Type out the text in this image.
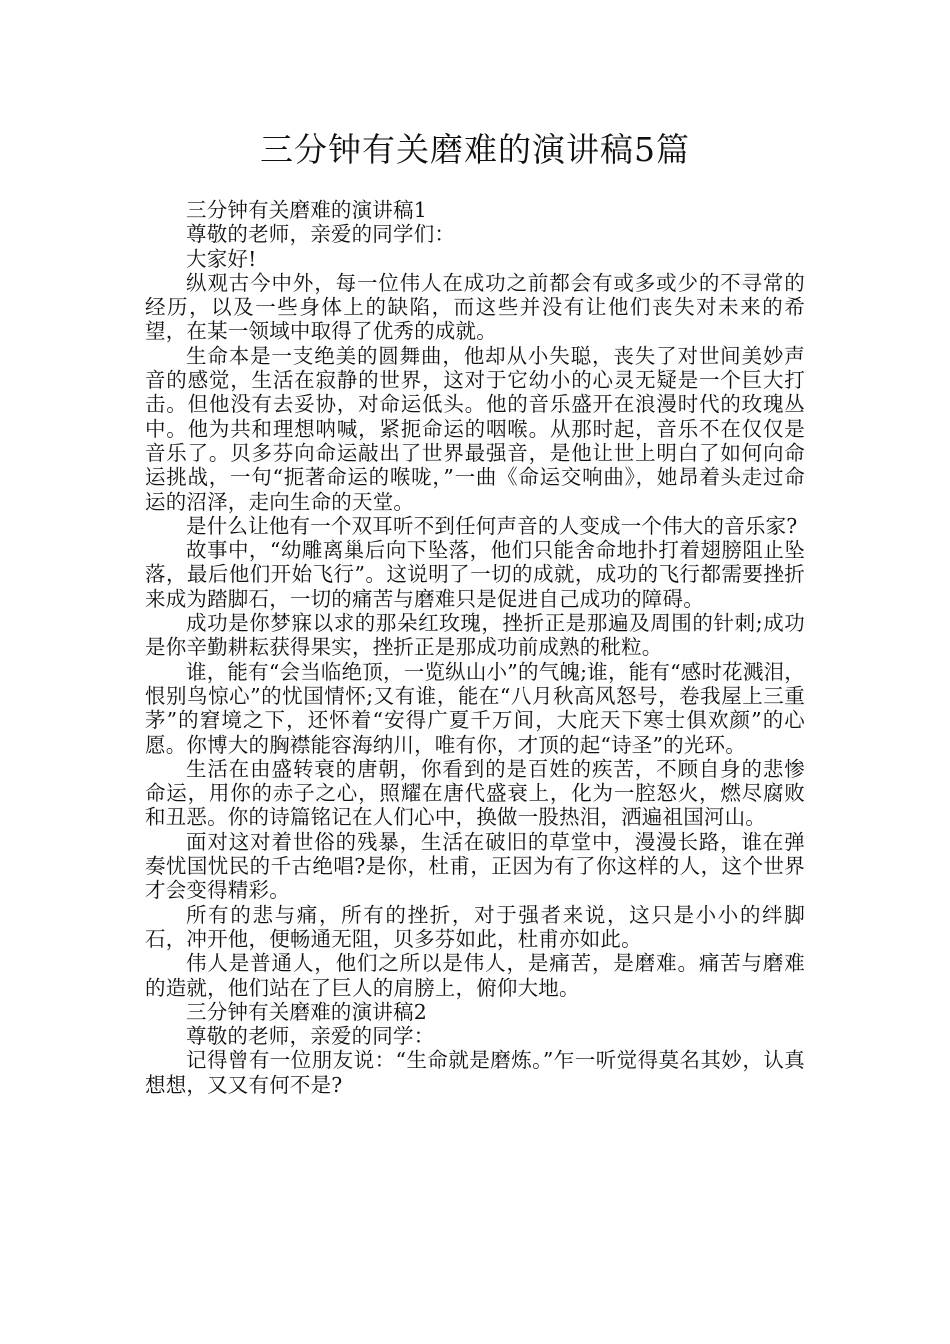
三分钟有关磨难的演讲稿5篇

三分钟有关磨难的演讲稿1

尊敬的老师，亲爱的同学们：

大家好!

纵观古今中外，每一位伟人在成功之前都会有或多或少的不寻常的经历，以及一些身体上的缺陷，而这些并没有让他们丧失对未来的希望，在某一领域中取得了优秀的成就。

生命本是一支绝美的圆舞曲，他却从小失聪，丧失了对世间美妙声音的感觉，生活在寂静的世界，这对于它幼小的心灵无疑是一个巨大打击。但他没有去妥协，对命运低头。他的音乐盛开在浪漫时代的玫瑰丛中。他为共和理想呐喊，紧扼命运的咽喉。从那时起，音乐不在仅仅是音乐了。贝多芬向命运敲出了世界最强音，是他让世上明白了如何向命运挑战，一句“扼著命运的喉咙，”一曲《命运交响曲》，她昂着头走过命运的沼泽，走向生命的天堂。

是什么让他有一个双耳听不到任何声音的人变成一个伟大的音乐家?

故事中，“幼雕离巢后向下坠落，他们只能舍命地扑打着翅膀阻止坠落，最后他们开始飞行”。这说明了一切的成就，成功的飞行都需要挫折来成为踏脚石，一切的痛苦与磨难只是促进自己成功的障碍。

成功是你梦寐以求的那朵红玫瑰，挫折正是那遍及周围的针刺;成功是你辛勤耕耘获得果实，挫折正是那成功前成熟的秕粒。

谁，能有“会当临绝顶，一览纵山小”的气魄;谁，能有“感时花溅泪，恨别鸟惊心”的忧国情怀;又有谁，能在“八月秋高风怒号，卷我屋上三重茅”的窘境之下，还怀着“安得广夏千万间，大庇天下寒士俱欢颜”的心愿。你博大的胸襟能容海纳川，唯有你，才顶的起“诗圣”的光环。

生活在由盛转衰的唐朝，你看到的是百姓的疾苦，不顾自身的悲惨命运，用你的赤子之心，照耀在唐代盛衰上，化为一腔怒火，燃尽腐败和丑恶。你的诗篇铭记在人们心中，换做一股热泪，洒遍祖国河山。

面对这对着世俗的残暴，生活在破旧的草堂中，漫漫长路，谁在弹奏忧国忧民的千古绝唱?是你，杜甫，正因为有了你这样的人，这个世界才会变得精彩。

所有的悲与痛，所有的挫折，对于强者来说，这只是小小的绊脚石，冲开他，便畅通无阻，贝多芬如此，杜甫亦如此。

伟人是普通人，他们之所以是伟人，是痛苦，是磨难。痛苦与磨难的造就，他们站在了巨人的肩膀上，俯仰大地。

三分钟有关磨难的演讲稿2

尊敬的老师，亲爱的同学：

记得曾有一位朋友说：“生命就是磨炼。”乍一听觉得莫名其妙，认真想想，又又有何不是?
